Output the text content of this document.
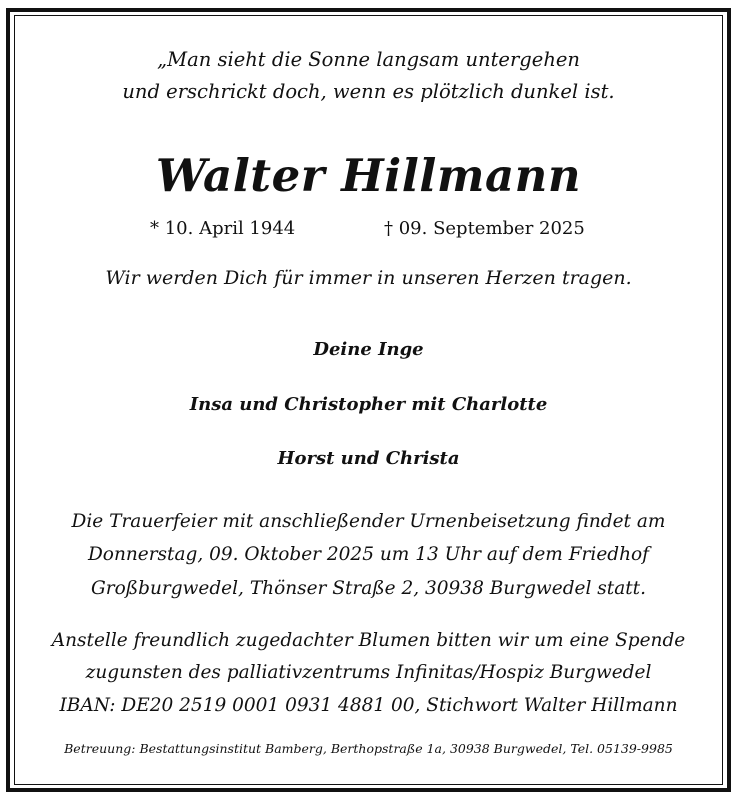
„Man sieht die Sonne langsam untergehen
und erschrickt doch, wenn es plötzlich dunkel ist.
Walter Hillmann
* 10. April 1944	† 09. September 2025
Wir werden Dich für immer in unseren Herzen tragen.
Deine Inge
Insa und Christopher mit Charlotte
Horst und Christa
Die Trauerfeier mit anschließender Urnenbeisetzung findet am
Donnerstag, 09. Oktober 2025 um 13 Uhr auf dem Friedhof
Großburgwedel, Thönser Straße 2, 30938 Burgwedel statt.
Anstelle freundlich zugedachter Blumen bitten wir um eine Spende
zugunsten des palliativzentrums Infinitas/Hospiz Burgwedel
IBAN: DE20 2519 0001 0931 4881 00, Stichwort Walter Hillmann
Betreuung: Bestattungsinstitut Bamberg, Berthopstraße 1a, 30938 Burgwedel, Tel. 05139-9985
